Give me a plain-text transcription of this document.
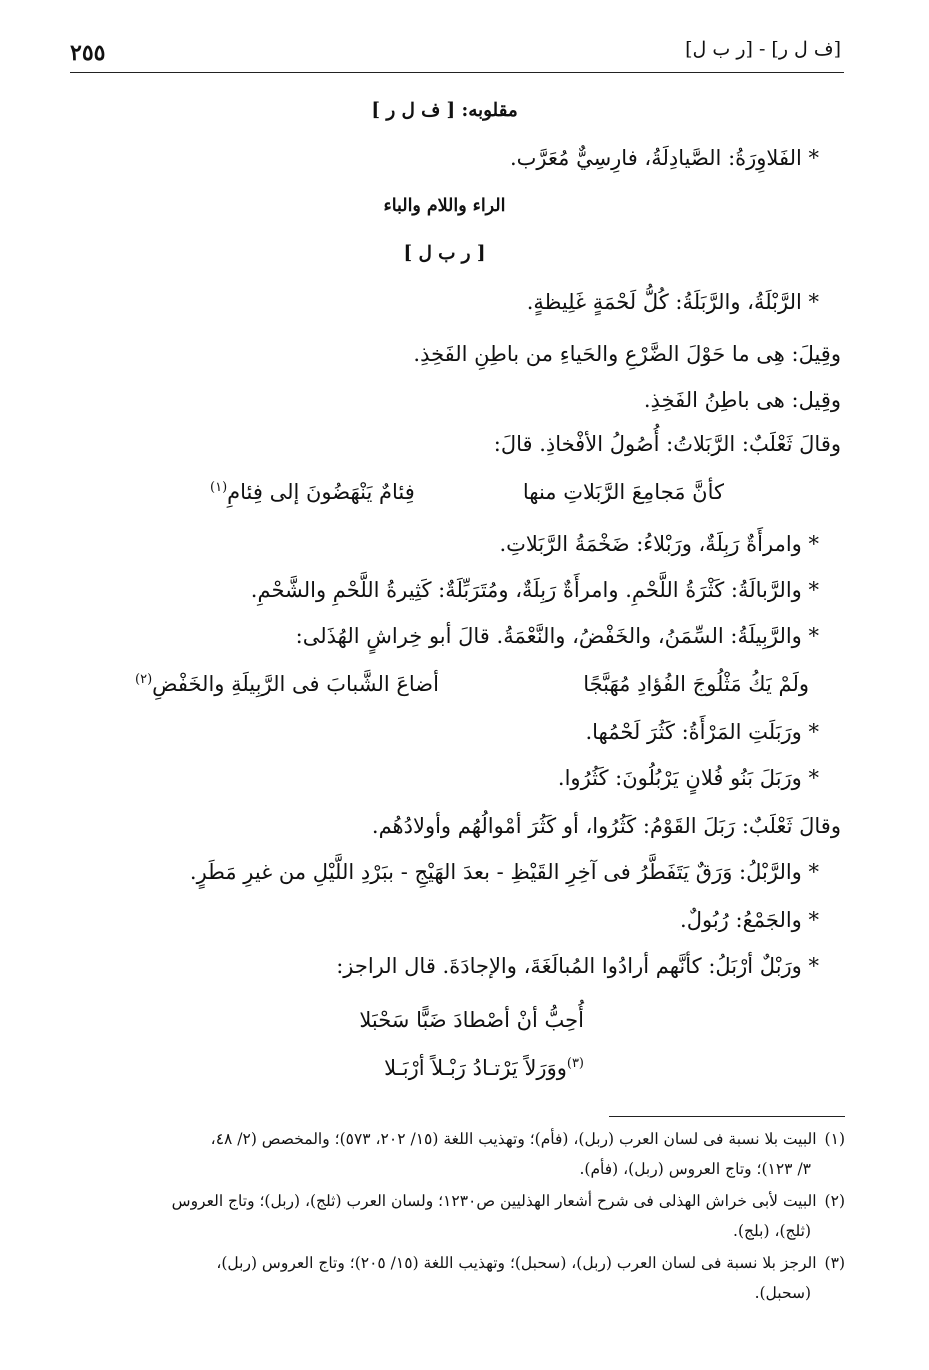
٢٥٥	[ف ل ر] - [ر ب ل]
مقلوبه: [ ف ل ر ]
* الفَلاوِرَةُ: الصَّيادِلَةُ، فارِسِيٌّ مُعَرَّب.
الراء واللام والباء
[ ر ب ل ]
* الرَّبْلَةُ، والرَّبَلَةُ: كُلُّ لَحْمَةٍ غَلِيظةٍ.
وقِيلَ: هِى ما حَوْلَ الضَّرْعِ والحَياءِ من باطِنِ الفَخِذِ.
وقِيل: هى باطِنُ الفَخِذِ.
وقالَ ثَعْلَبٌ: الرَّبَلاتُ: أُصُولُ الأفْخاذِ. قالَ:
كأنَّ مَجامِعَ الرَّبَلاتِ منها
فِئامٌ يَنْهَضُونَ إلى فِئامِ$^{(١)}$
* وامرأَةٌ رَبِلَةٌ، ورَبْلاءُ: ضَخْمَةُ الرَّبَلاتِ.
* والرَّبالَةُ: كَثْرَةُ اللَّحْمِ. وامرأَةٌ رَبِلَةٌ، ومُتَرَبِّلَةٌ: كَثِيرةُ اللَّحْمِ والشَّحْمِ.
* والرَّبِيلَةُ: السِّمَنُ، والخَفْضُ، والنَّعْمَةُ. قالَ أبو خِراشٍ الهُذَلى:
ولَمْ يَكُ مَثْلُوجَ الفُؤادِ مُهَبَّجًا
أضاعَ الشَّبابَ فى الرَّبِيلَةِ والخَفْضِ$^{(٢)}$
* ورَبَلَتِ المَرْأَةُ: كَثُرَ لَحْمُها.
* ورَبَلَ بَنُو فُلانٍ يَرْبُلُونَ: كَثُرُوا.
وقالَ ثَعْلَبٌ: رَبَلَ القَوْمُ: كَثُرُوا، أو كَثُرَ أمْوالُهُم وأولادُهُم.
* والرَّبْلُ: وَرَقٌ يَتَفَطَّرُ فى آخِرِ القَيْظِ - بعدَ الهَيْجِ - ببَرْدِ اللَّيْلِ من غيرِ مَطَرٍ.
* والجَمْعُ: رُبُولٌ.
* ورَبْلٌ أرْبَلُ: كأنَّهم أرادُوا المُبالَغَةَ، والإجادَةَ. قال الراجز:
أُحِبُّ أنْ أصْطادَ ضَبًّا سَحْبَلا
$^{(٣)}$ووَرَلاً يَرْتـادُ رَبْـلاً أرْبَـلا
(١)البيت بلا نسبة فى لسان العرب (ربل)، (فأم)؛ وتهذيب اللغة (١٥/ ٢٠٢، ٥٧٣)؛ والمخصص (٢/ ٤٨،
٣/ ١٢٣)؛ وتاج العروس (ربل)، (فأم).
(٢)البيت لأبى خراش الهذلى فى شرح أشعار الهذليين ص١٢٣٠؛ ولسان العرب (ثلج)، (ربل)؛ وتاج العروس
(ثلج)، (بلج).
(٣)الرجز بلا نسبة فى لسان العرب (ربل)، (سحبل)؛ وتهذيب اللغة (١٥/ ٢٠٥)؛ وتاج العروس (ربل)،
(سحبل).
